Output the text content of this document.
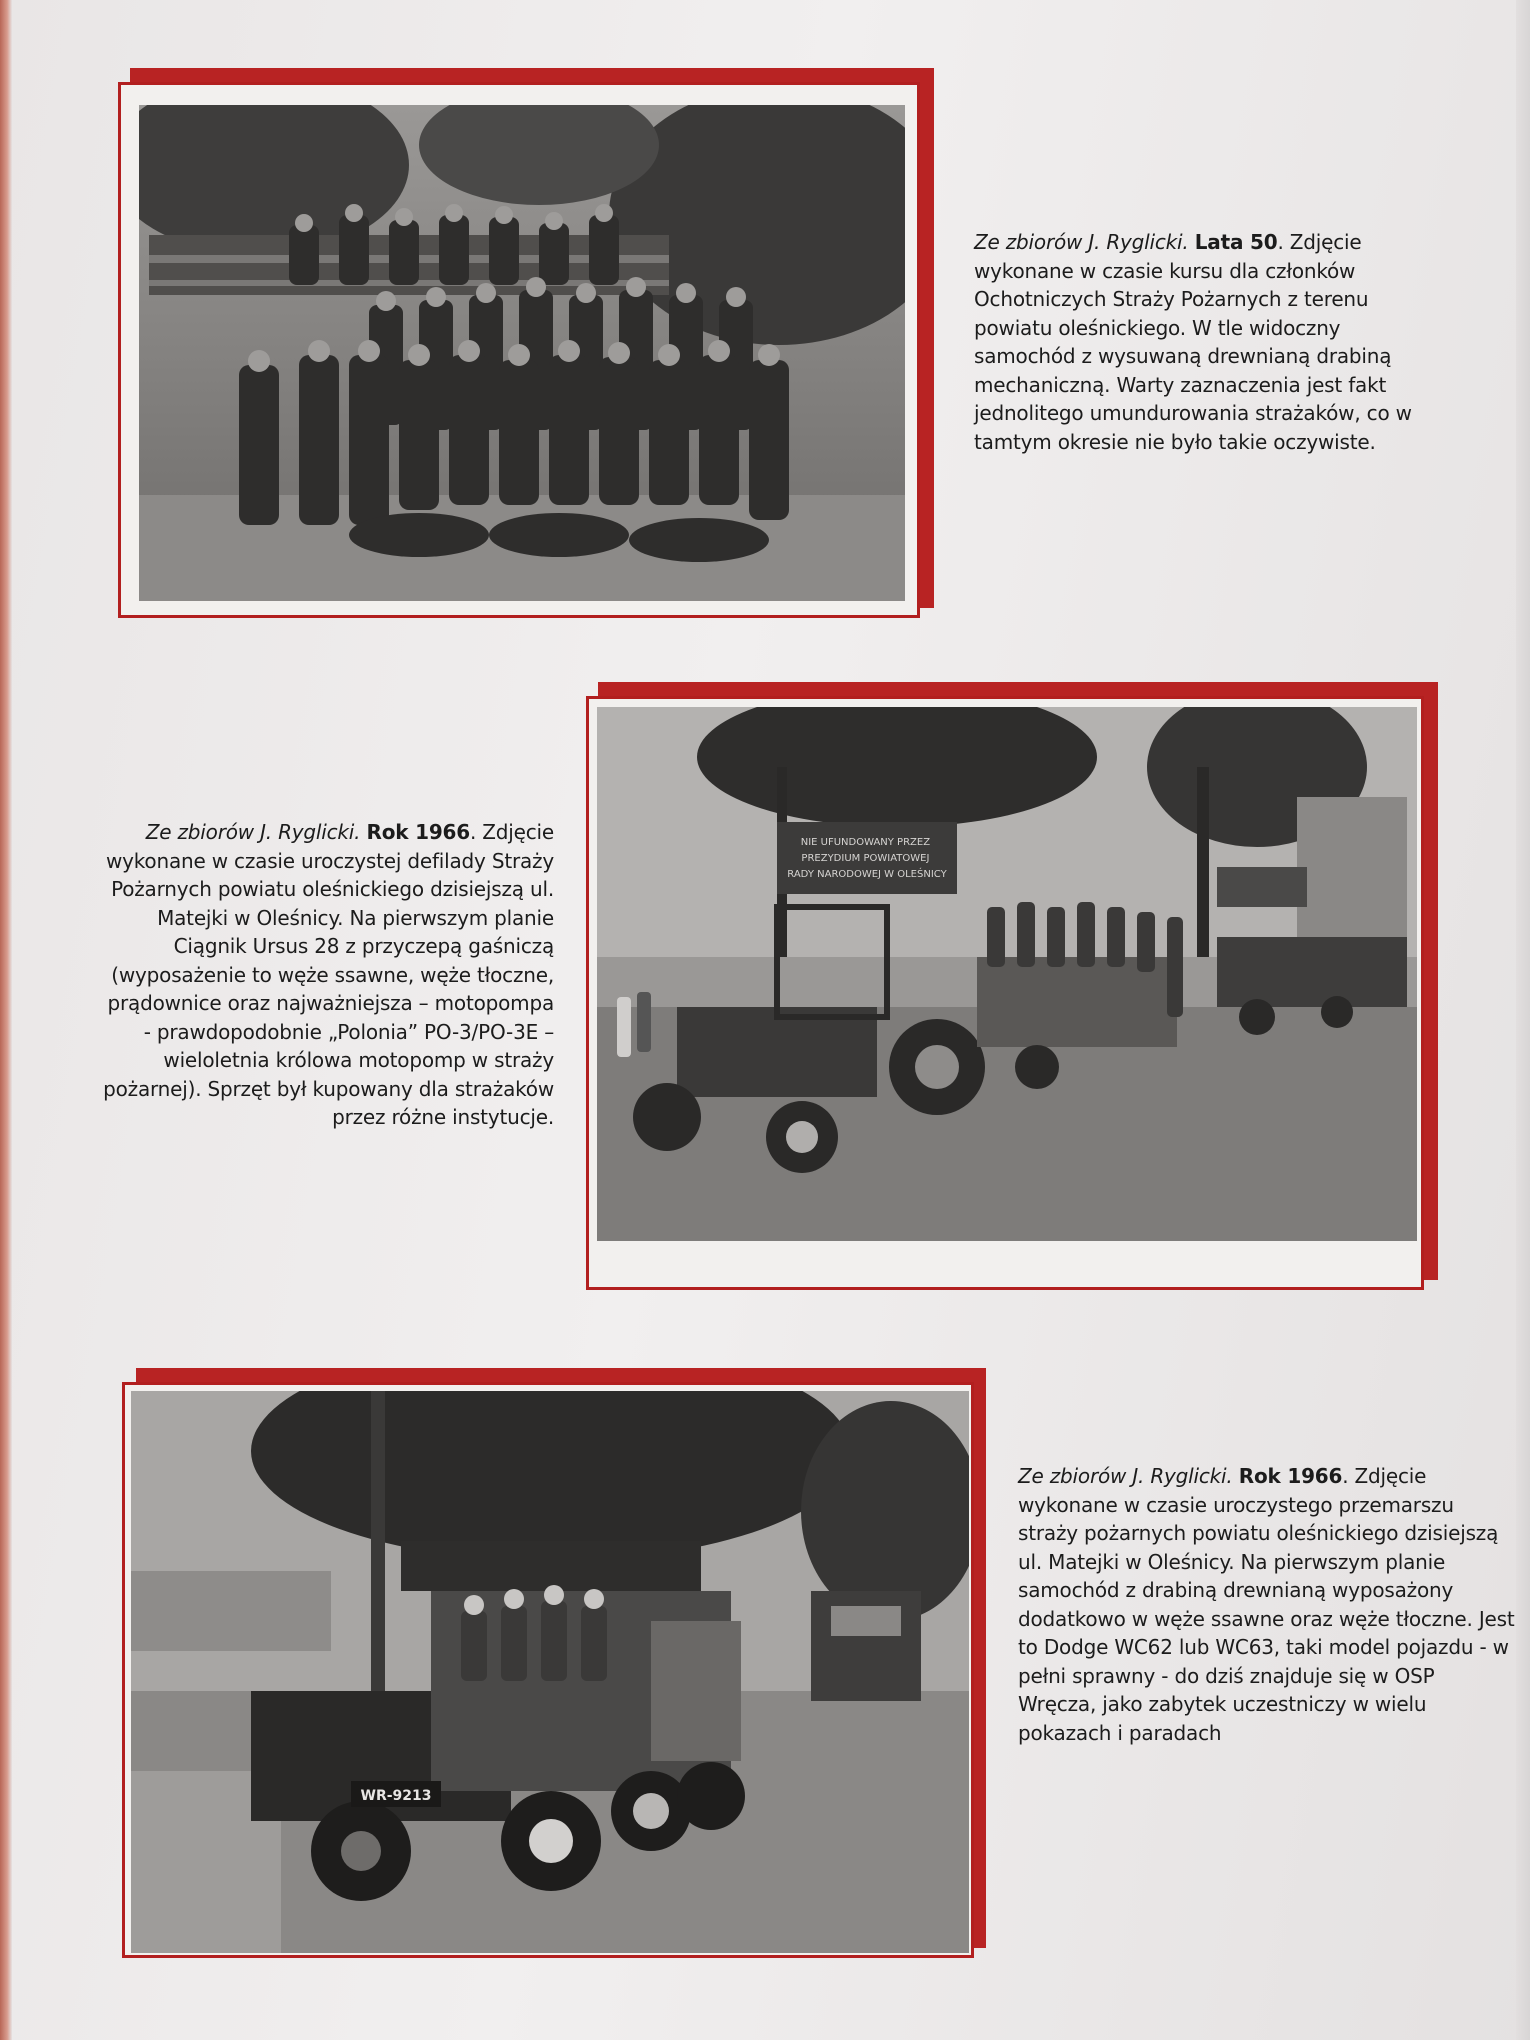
Ze zbiorów J. Ryglicki. Lata 50. Zdjęcie wykonane w czasie kursu dla członków Ochotniczych Straży Pożarnych z terenu powiatu oleśnickiego. W tle widoczny samochód z wysuwaną drewnianą drabiną mechaniczną. Warty zaznaczenia jest fakt jednolitego umundurowania strażaków, co w tamtym okresie nie było takie oczywiste.
NIE UFUNDOWANY PRZEZ PREZYDIUM POWIATOWEJ RADY NARODOWEJ W OLEŚNICY
Ze zbiorów J. Ryglicki. Rok 1966. Zdjęcie wykonane w czasie uroczystej defilady Straży Pożarnych powiatu oleśnickiego dzisiejszą ul. Matejki w Oleśnicy. Na pierwszym planie Ciągnik Ursus 28 z przyczepą gaśniczą (wyposażenie to węże ssawne, węże tłoczne, prądownice oraz najważniejsza – motopompa - prawdopodobnie „Polonia” PO-3/PO-3E – wieloletnia królowa motopomp w straży pożarnej). Sprzęt był kupowany dla strażaków przez różne instytucje.
WR-9213
Ze zbiorów J. Ryglicki. Rok 1966. Zdjęcie wykonane w czasie uroczystego przemarszu straży pożarnych powiatu oleśnickiego dzisiejszą ul. Matejki w Oleśnicy. Na pierwszym planie samochód z drabiną drewnianą wyposażony dodatkowo w węże ssawne oraz węże tłoczne. Jest to Dodge WC62 lub WC63, taki model pojazdu - w pełni sprawny - do dziś znajduje się w OSP Wręcza, jako zabytek uczestniczy w wielu pokazach i paradach
